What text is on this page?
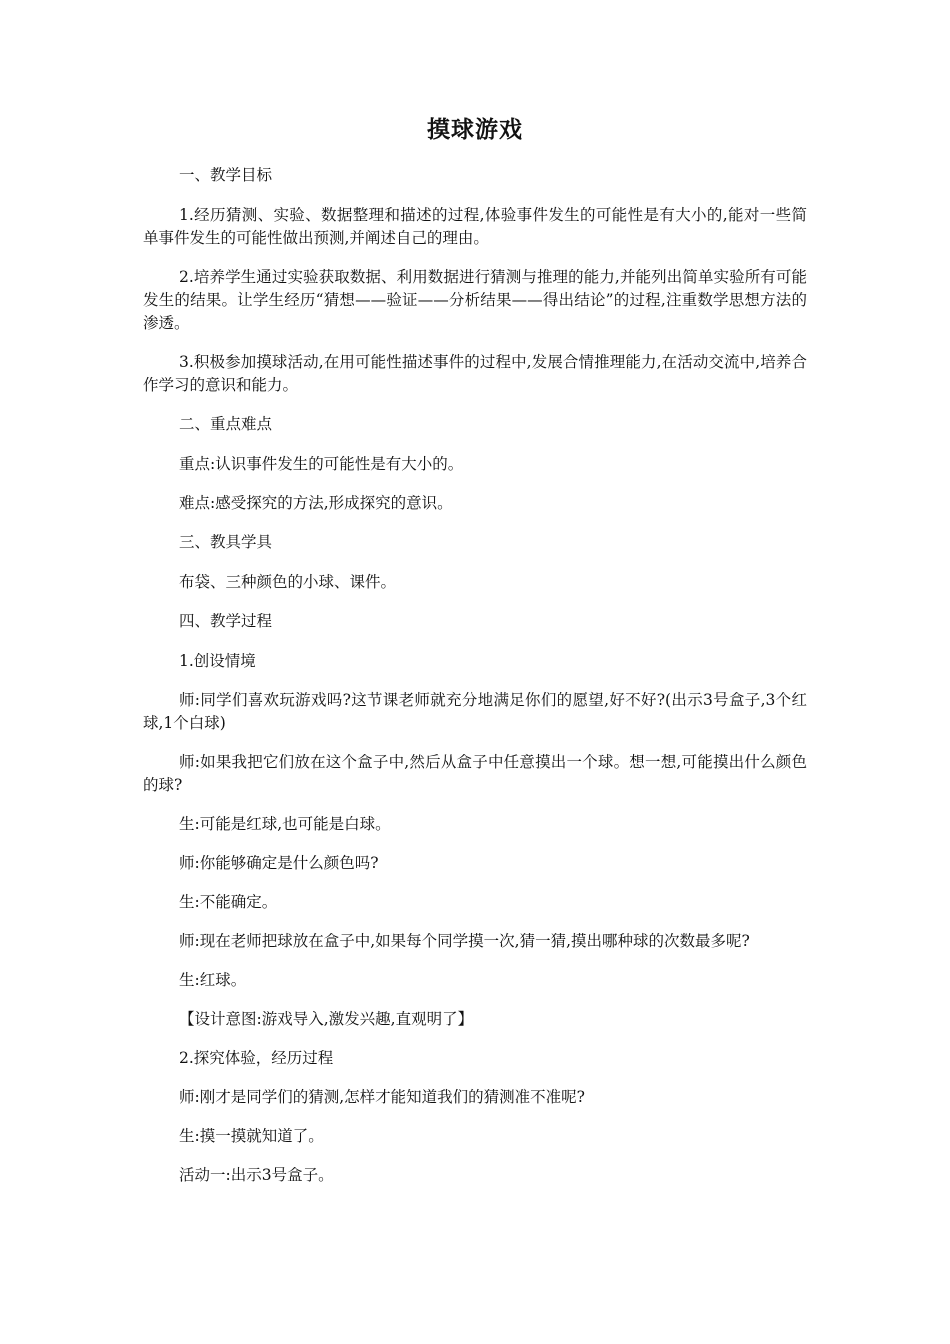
摸球游戏
一、教学目标
1.经历猜测、实验、数据整理和描述的过程,体验事件发生的可能性是有大小的,能对一些简单事件发生的可能性做出预测,并阐述自己的理由。
2.培养学生通过实验获取数据、利用数据进行猜测与推理的能力,并能列出简单实验所有可能发生的结果。让学生经历“猜想——验证——分析结果——得出结论”的过程,注重数学思想方法的渗透。
3.积极参加摸球活动,在用可能性描述事件的过程中,发展合情推理能力,在活动交流中,培养合作学习的意识和能力。
二、重点难点
重点:认识事件发生的可能性是有大小的。
难点:感受探究的方法,形成探究的意识。
三、教具学具
布袋、三种颜色的小球、课件。
四、教学过程
1.创设情境
师:同学们喜欢玩游戏吗?这节课老师就充分地满足你们的愿望,好不好?(出示3号盒子,3个红球,1个白球)
师:如果我把它们放在这个盒子中,然后从盒子中任意摸出一个球。想一想,可能摸出什么颜色的球?
生:可能是红球,也可能是白球。
师:你能够确定是什么颜色吗?
生:不能确定。
师:现在老师把球放在盒子中,如果每个同学摸一次,猜一猜,摸出哪种球的次数最多呢?
生:红球。
【设计意图:游戏导入,激发兴趣,直观明了】
2.探究体验，经历过程
师:刚才是同学们的猜测,怎样才能知道我们的猜测准不准呢?
生:摸一摸就知道了。
活动一:出示3号盒子。
